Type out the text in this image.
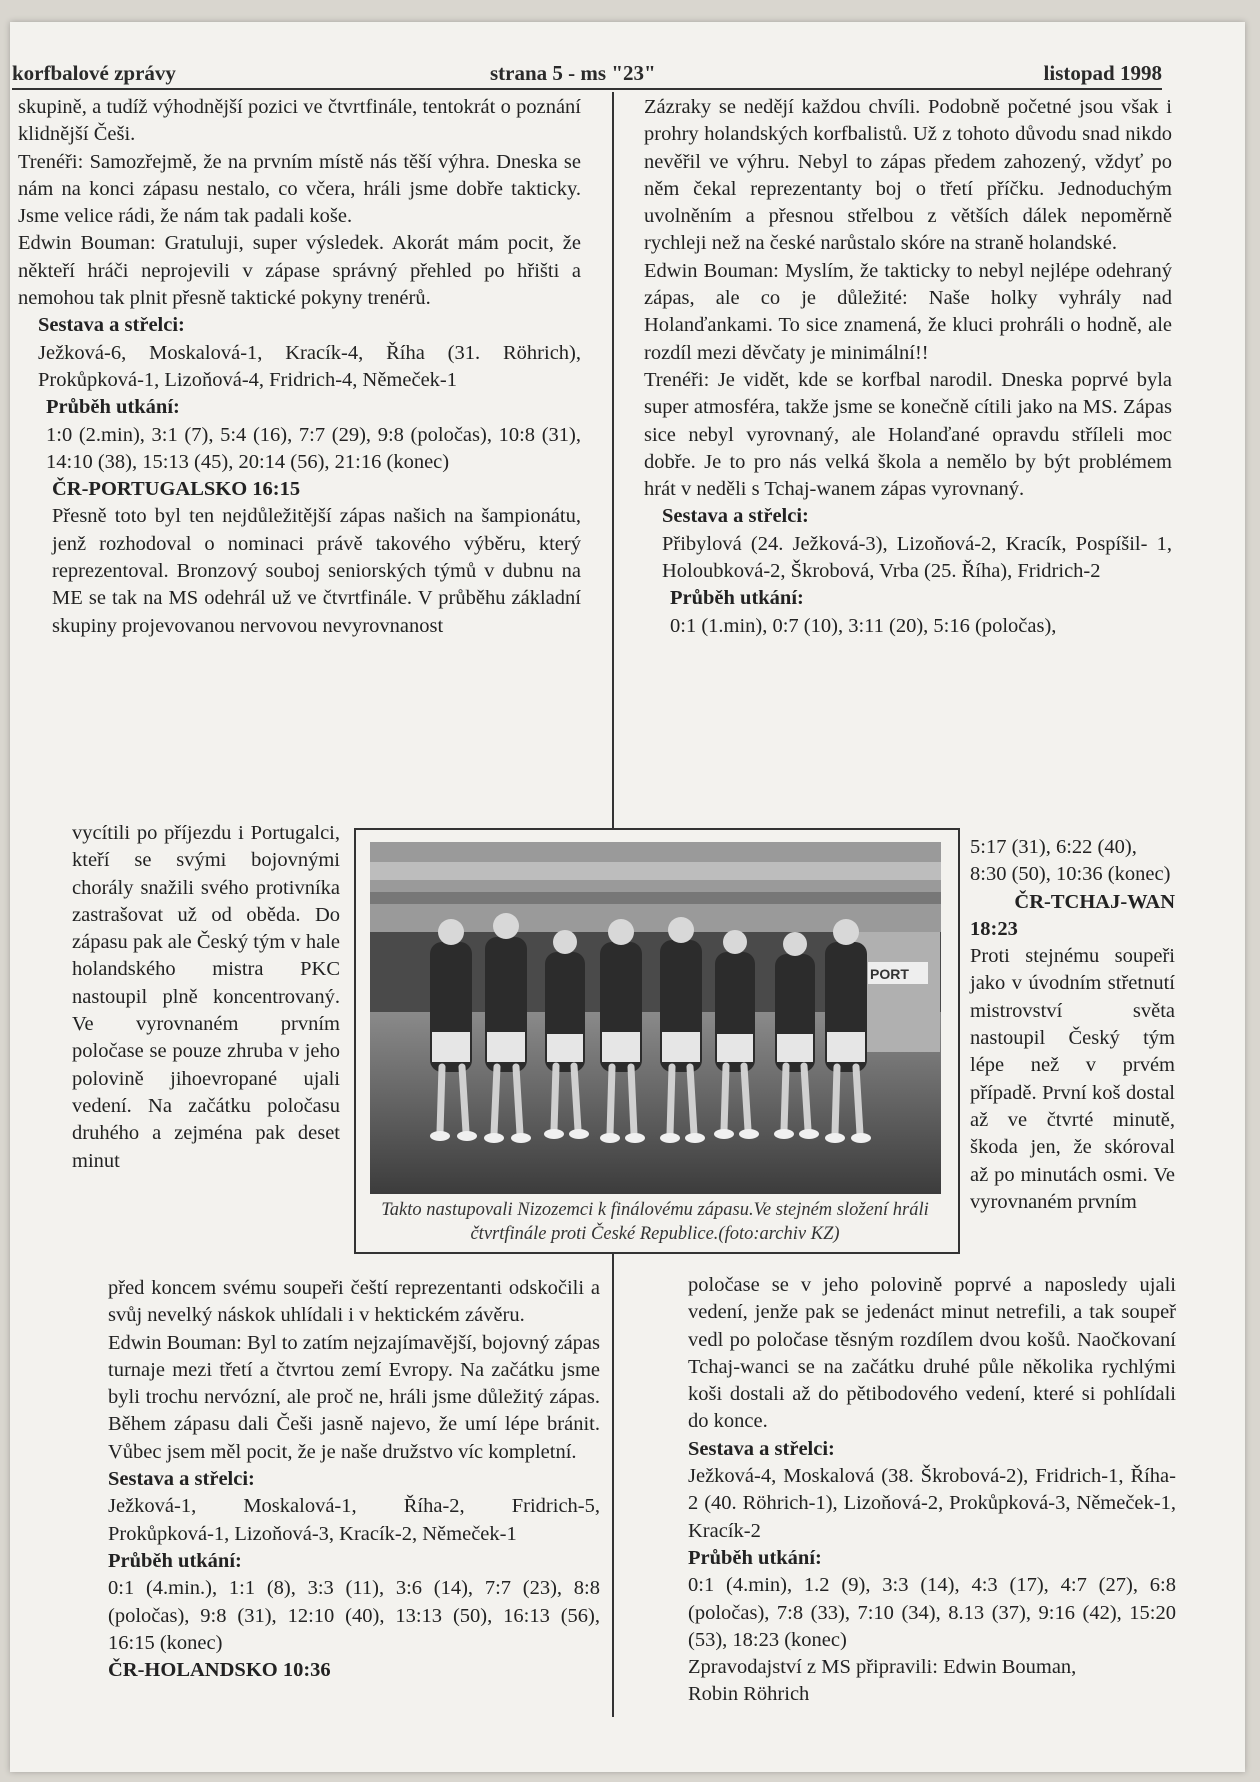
korfbalové zprávy	strana 5 - ms "23"	listopad 1998

skupině, a tudíž výhodnější pozici ve čtvrtfinále, tentokrát o poznání klidnější Češi.

Trenéři: Samozřejmě, že na prvním místě nás těší výhra. Dneska se nám na konci zápasu nestalo, co včera, hráli jsme dobře takticky. Jsme velice rádi, že nám tak padali koše.

Edwin Bouman: Gratuluji, super výsledek. Akorát mám pocit, že někteří hráči neprojevili v zápase správný přehled po hřišti a nemohou tak plnit přesně taktické pokyny trenérů.

Sestava a střelci:

Ježková-6, Moskalová-1, Kracík-4, Říha (31. Röhrich), Prokůpková-1, Lizoňová-4, Fridrich-4, Němeček-1

Průběh utkání:

1:0 (2.min), 3:1 (7), 5:4 (16), 7:7 (29), 9:8 (poločas), 10:8 (31), 14:10 (38), 15:13 (45), 20:14 (56), 21:16 (konec)

ČR-PORTUGALSKO 16:15

Přesně toto byl ten nejdůležitější zápas našich na šampionátu, jenž rozhodoval o nominaci právě takového výběru, který reprezentoval. Bronzový souboj seniorských týmů v dubnu na ME se tak na MS odehrál už ve čtvrtfinále. V průběhu základní skupiny projevovanou nervovou nevyrovnanost

vycítili po příjezdu i Portugalci, kteří se svými bojovnými chorály snažili svého protivníka zastrašovat už od oběda. Do zápasu pak ale Český tým v hale holandského mistra PKC nastoupil plně koncentrovaný. Ve vyrovnaném prvním poločase se pouze zhruba v jeho polovině jihoevropané ujali vedení. Na začátku poločasu druhého a zejména pak deset minut

před koncem svému soupeři čeští reprezentanti odskočili a svůj nevelký náskok uhlídali i v hektickém závěru.

Edwin Bouman: Byl to zatím nejzajímavější, bojovný zápas turnaje mezi třetí a čtvrtou zemí Evropy. Na začátku jsme byli trochu nervózní, ale proč ne, hráli jsme důležitý zápas. Během zápasu dali Češi jasně najevo, že umí lépe bránit. Vůbec jsem měl pocit, že je naše družstvo víc kompletní.

Sestava a střelci:

Ježková-1, Moskalová-1, Říha-2, Fridrich-5, Prokůpková-1, Lizoňová-3, Kracík-2, Němeček-1

Průběh utkání:

0:1 (4.min.), 1:1 (8), 3:3 (11), 3:6 (14), 7:7 (23), 8:8 (poločas), 9:8 (31), 12:10 (40), 13:13 (50), 16:13 (56), 16:15 (konec)

ČR-HOLANDSKO 10:36

Zázraky se nedějí každou chvíli. Podobně početné jsou však i prohry holandských korfbalistů. Už z tohoto důvodu snad nikdo nevěřil ve výhru. Nebyl to zápas předem zahozený, vždyť po něm čekal reprezentanty boj o třetí příčku. Jednoduchým uvolněním a přesnou střelbou z větších dálek nepoměrně rychleji než na české narůstalo skóre na straně holandské.

Edwin Bouman: Myslím, že takticky to nebyl nejlépe odehraný zápas, ale co je důležité: Naše holky vyhrály nad Holanďankami. To sice znamená, že kluci prohráli o hodně, ale rozdíl mezi děvčaty je minimální!!

Trenéři: Je vidět, kde se korfbal narodil. Dneska poprvé byla super atmosféra, takže jsme se konečně cítili jako na MS. Zápas sice nebyl vyrovnaný, ale Holanďané opravdu stříleli moc dobře. Je to pro nás velká škola a nemělo by být problémem hrát v neděli s Tchaj-wanem zápas vyrovnaný.

Sestava a střelci:

Přibylová (24. Ježková-3), Lizoňová-2, Kracík, Pospíšil- 1, Holoubková-2, Škrobová, Vrba (25. Říha), Fridrich-2

Průběh utkání:

0:1 (1.min), 0:7 (10), 3:11 (20), 5:16 (poločas),

5:17 (31), 6:22 (40), 8:30 (50), 10:36 (konec)

ČR-TCHAJ-WAN

18:23

Proti stejnému soupeři jako v úvodním střetnutí mistrovství světa nastoupil Český tým lépe než v prvém případě. První koš dostal až ve čtvrté minutě, škoda jen, že skóroval až po minutách osmi. Ve vyrovnaném prvním

poločase se v jeho polovině poprvé a naposledy ujali vedení, jenže pak se jedenáct minut netrefili, a tak soupeř vedl po poločase těsným rozdílem dvou košů. Naočkovaní Tchaj-wanci se na začátku druhé půle několika rychlými koši dostali až do pětibodového vedení, které si pohlídali do konce.

Sestava a střelci:

Ježková-4, Moskalová (38. Škrobová-2), Fridrich-1, Říha-2 (40. Röhrich-1), Lizoňová-2, Prokůpková-3, Němeček-1, Kracík-2

Průběh utkání:

0:1 (4.min), 1.2 (9), 3:3 (14), 4:3 (17), 4:7 (27), 6:8 (poločas), 7:8 (33), 7:10 (34), 8.13 (37), 9:16 (42), 15:20 (53), 18:23 (konec)

Zpravodajství z MS připravili: Edwin Bouman,

Robin Röhrich

PORT
Takto nastupovali Nizozemci k finálovému zápasu.Ve stejném složení hráli čtvrtfinále proti České Republice.(foto:archiv KZ)
